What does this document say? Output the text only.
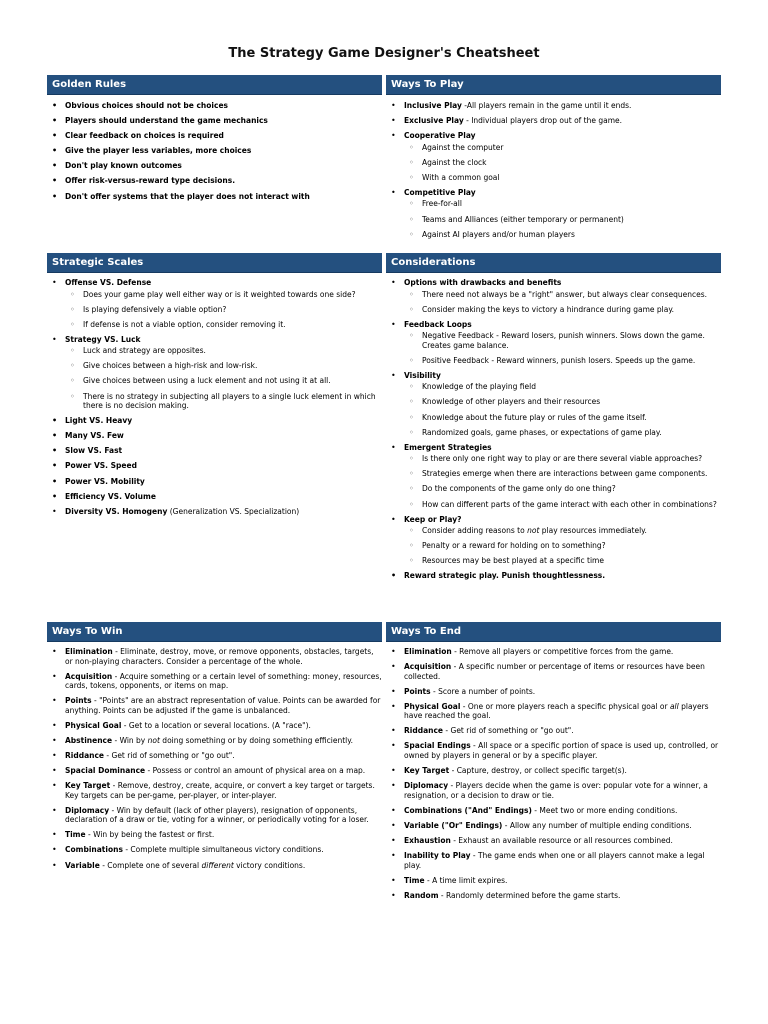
The Strategy Game Designer's Cheatsheet
Golden Rules
• Obvious choices should not be choices
• Players should understand the game mechanics
• Clear feedback on choices is required
• Give the player less variables, more choices
• Don't play known outcomes
• Offer risk-versus-reward type decisions.
• Don't offer systems that the player does not interact with
Ways To Play
• Inclusive Play -All players remain in the game until it ends.
• Exclusive Play - Individual players drop out of the game.
• Cooperative Play
◦ Against the computer
◦ Against the clock
◦ With a common goal
• Competitive Play
◦ Free-for-all
◦ Teams and Alliances (either temporary or permanent)
◦ Against AI players and/or human players
Strategic Scales
• Offense VS. Defense
◦ Does your game play well either way or is it weighted towards one side?
◦ Is playing defensively a viable option?
◦ If defense is not a viable option, consider removing it.
• Strategy VS. Luck
◦ Luck and strategy are opposites.
◦ Give choices between a high-risk and low-risk.
◦ Give choices between using a luck element and not using it at all.
◦ There is no strategy in subjecting all players to a single luck element in which there is no decision making.
• Light VS. Heavy
• Many VS. Few
• Slow VS. Fast
• Power VS. Speed
• Power VS. Mobility
• Efficiency VS. Volume
• Diversity VS. Homogeny (Generalization VS. Specialization)
Considerations
• Options with drawbacks and benefits
◦ There need not always be a "right" answer, but always clear consequences.
◦ Consider making the keys to victory a hindrance during game play.
• Feedback Loops
◦ Negative Feedback - Reward losers, punish winners. Slows down the game. Creates game balance.
◦ Positive Feedback - Reward winners, punish losers. Speeds up the game.
• Visibility
◦ Knowledge of the playing field
◦ Knowledge of other players and their resources
◦ Knowledge about the future play or rules of the game itself.
◦ Randomized goals, game phases, or expectations of game play.
• Emergent Strategies
◦ Is there only one right way to play or are there several viable approaches?
◦ Strategies emerge when there are interactions between game components.
◦ Do the components of the game only do one thing?
◦ How can different parts of the game interact with each other in combinations?
• Keep or Play?
◦ Consider adding reasons to not play resources immediately.
◦ Penalty or a reward for holding on to something?
◦ Resources may be best played at a specific time
• Reward strategic play. Punish thoughtlessness.
Ways To Win
• Elimination - Eliminate, destroy, move, or remove opponents, obstacles, targets, or non-playing characters. Consider a percentage of the whole.
• Acquisition - Acquire something or a certain level of something: money, resources, cards, tokens, opponents, or items on map.
• Points - "Points" are an abstract representation of value. Points can be awarded for anything. Points can be adjusted if the game is unbalanced.
• Physical Goal - Get to a location or several locations. (A "race").
• Abstinence - Win by not doing something or by doing something efficiently.
• Riddance - Get rid of something or "go out".
• Spacial Dominance - Possess or control an amount of physical area on a map.
• Key Target - Remove, destroy, create, acquire, or convert a key target or targets. Key targets can be per-game, per-player, or inter-player.
• Diplomacy - Win by default (lack of other players), resignation of opponents, declaration of a draw or tie, voting for a winner, or periodically voting for a loser.
• Time - Win by being the fastest or first.
• Combinations - Complete multiple simultaneous victory conditions.
• Variable - Complete one of several different victory conditions.
Ways To End
• Elimination - Remove all players or competitive forces from the game.
• Acquisition - A specific number or percentage of items or resources have been collected.
• Points - Score a number of points.
• Physical Goal - One or more players reach a specific physical goal or all players have reached the goal.
• Riddance - Get rid of something or "go out".
• Spacial Endings - All space or a specific portion of space is used up, controlled, or owned by players in general or by a specific player.
• Key Target - Capture, destroy, or collect specific target(s).
• Diplomacy - Players decide when the game is over: popular vote for a winner, a resignation, or a decision to draw or tie.
• Combinations ("And" Endings) - Meet two or more ending conditions.
• Variable ("Or" Endings) - Allow any number of multiple ending conditions.
• Exhaustion - Exhaust an available resource or all resources combined.
• Inability to Play - The game ends when one or all players cannot make a legal play.
• Time - A time limit expires.
• Random - Randomly determined before the game starts.
